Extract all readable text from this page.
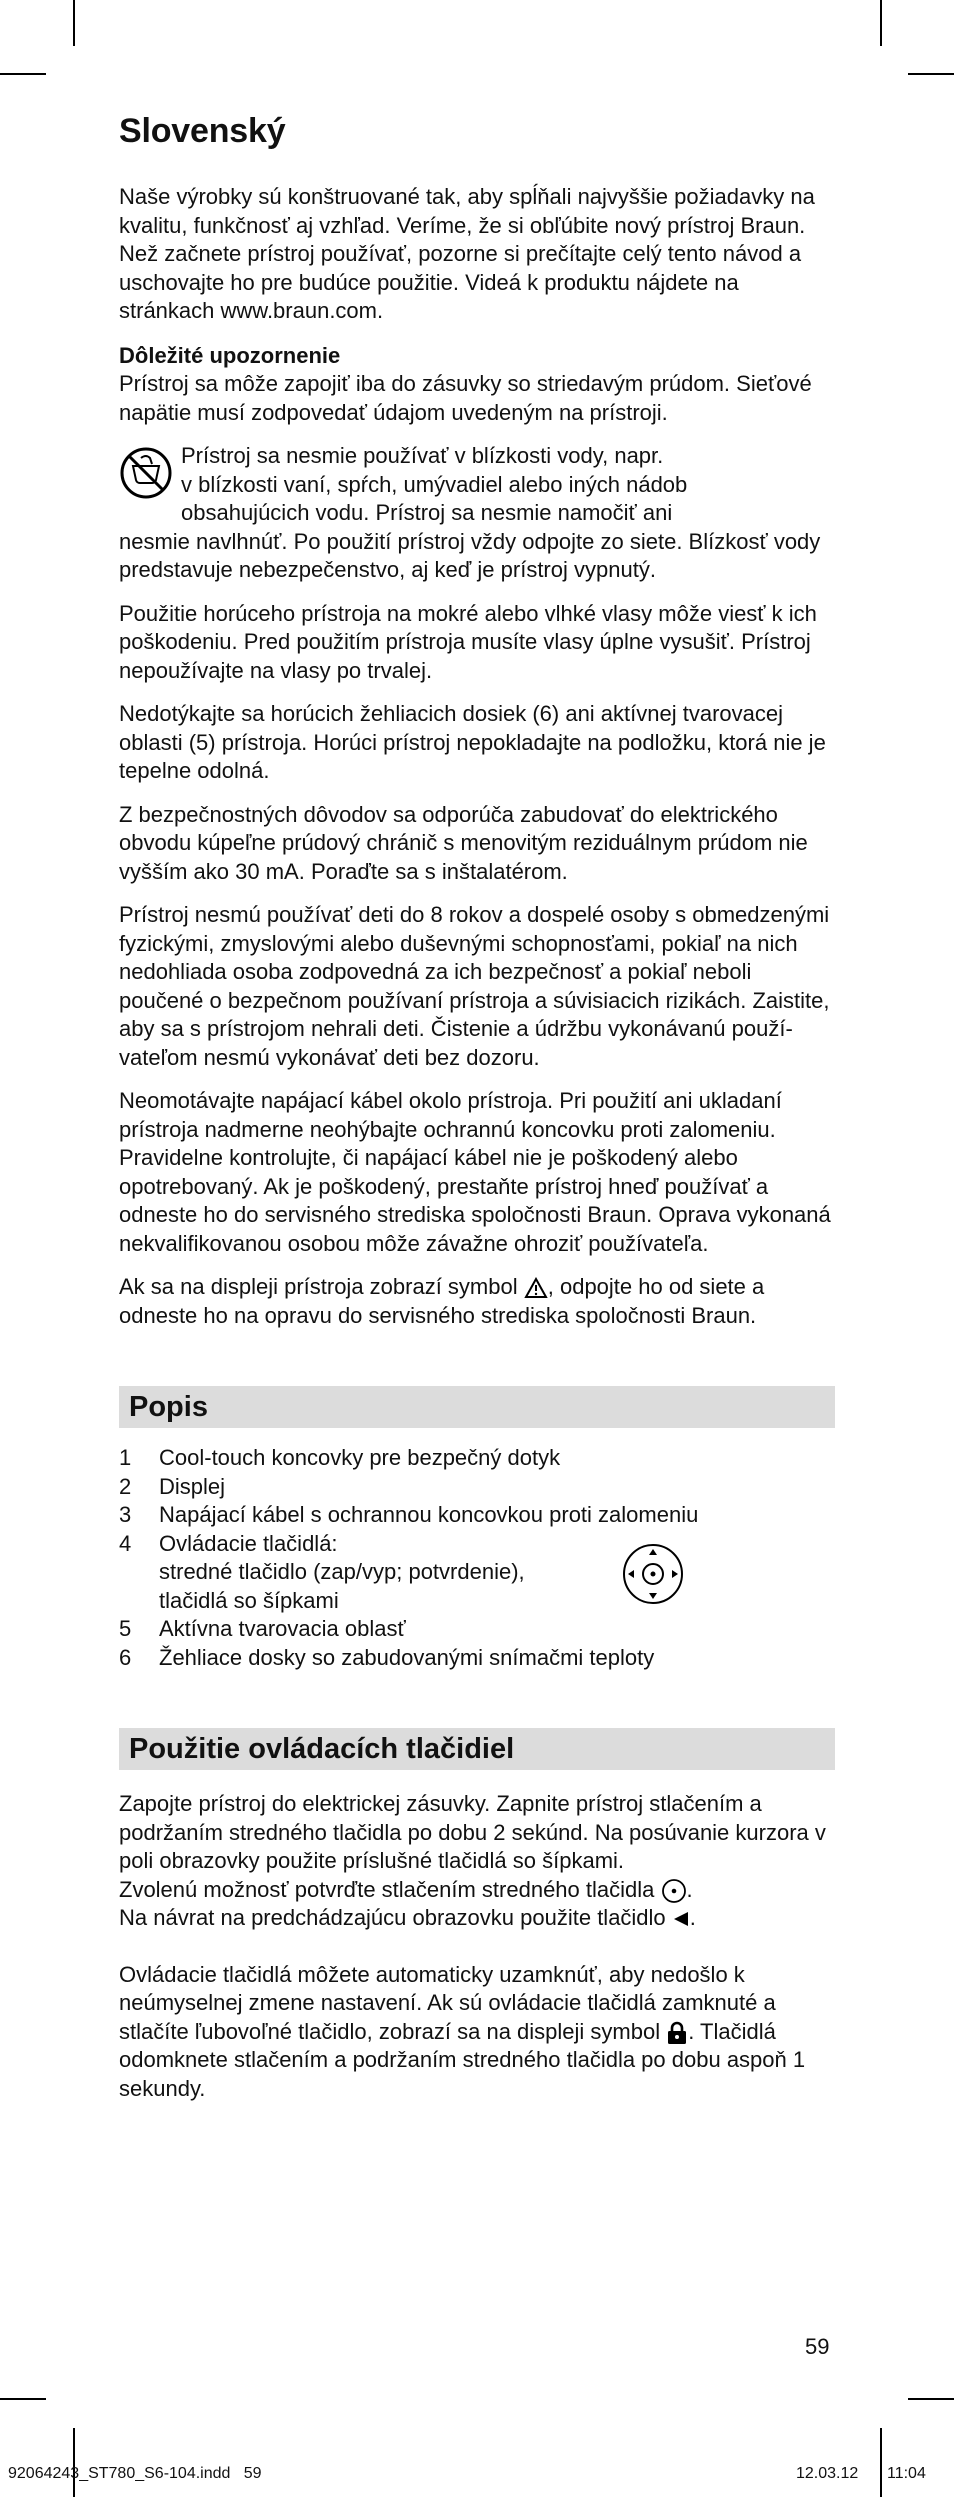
Slovenský

Naše výrobky sú konštruované tak, aby spĺňali najvyššie požiadavky na kvalitu, funkčnosť aj vzhľad. Veríme, že si obľúbite nový prístroj Braun. Než začnete prístroj používať, pozorne si prečítajte celý tento návod a uschovajte ho pre budúce použitie. Videá k produktu nájdete na stránkach www.braun.com.

Dôležité upozornenie

Prístroj sa môže zapojiť iba do zásuvky so striedavým prúdom. Sieťové napätie musí zodpovedať údajom uvedeným na prístroji.

Prístroj sa nesmie používať v blízkosti vody, napr.

v blízkosti vaní, spŕch, umývadiel alebo iných nádob

obsahujúcich vodu. Prístroj sa nesmie namočiť ani

nesmie navlhnúť. Po použití prístroj vždy odpojte zo siete. Blízkosť vody predstavuje nebezpečenstvo, aj keď je prístroj vypnutý.

Použitie horúceho prístroja na mokré alebo vlhké vlasy môže viesť k ich poškodeniu. Pred použitím prístroja musíte vlasy úplne vysušiť. Prístroj nepoužívajte na vlasy po trvalej.

Nedotýkajte sa horúcich žehliacich dosiek (6) ani aktívnej tvarovacej oblasti (5) prístroja. Horúci prístroj nepokladajte na podložku, ktorá nie je tepelne odolná.

Z bezpečnostných dôvodov sa odporúča zabudovať do elektrického obvodu kúpeľne prúdový chránič s menovitým reziduálnym prúdom nie vyšším ako 30 mA. Poraďte sa s inštalatérom.

Prístroj nesmú používať deti do 8 rokov a dospelé osoby s obmedzenými fyzickými, zmyslovými alebo duševnými schopnosťami, pokiaľ na nich nedohliada osoba zodpovedná za ich bezpečnosť a pokiaľ neboli poučené o bezpečnom používaní prístroja a súvisiacich rizikách. Zaistite, aby sa s prístrojom nehrali deti. Čistenie a údržbu vykonávanú použí-vateľom nesmú vykonávať deti bez dozoru.

Neomotávajte napájací kábel okolo prístroja. Pri použití ani ukladaní prístroja nadmerne neohýbajte ochrannú koncovku proti zalomeniu.

Pravidelne kontrolujte, či napájací kábel nie je poškodený alebo opotrebovaný. Ak je poškodený, prestaňte prístroj hneď používať a odneste ho do servisného strediska spoločnosti Braun. Oprava vykonaná nekvalifikovanou osobou môže závažne ohroziť používateľa.

Ak sa na displeji prístroja zobrazí symbol , odpojte ho od siete a odneste ho na opravu do servisného strediska spoločnosti Braun.

Popis
1	Cool-touch koncovky pre bezpečný dotyk
2	Displej
3	Napájací kábel s ochrannou koncovkou proti zalomeniu
4	Ovládacie tlačidlá:
stredné tlačidlo (zap/vyp; potvrdenie),
tlačidlá so šípkami
5	Aktívna tvarovacia oblasť
6	Žehliace dosky so zabudovanými snímačmi teploty
Použitie ovládacích tlačidiel

Zapojte prístroj do elektrickej zásuvky. Zapnite prístroj stlačením a podržaním stredného tlačidla po dobu 2 sekúnd. Na posúvanie kurzora v poli obrazovky použite príslušné tlačidlá so šípkami.

Zvolenú možnosť potvrďte stlačením stredného tlačidla .

Na návrat na predchádzajúcu obrazovku použite tlačidlo .

Ovládacie tlačidlá môžete automaticky uzamknúť, aby nedošlo k neúmyselnej zmene nastavení. Ak sú ovládacie tlačidlá zamknuté a stlačíte ľubovoľné tlačidlo, zobrazí sa na displeji symbol . Tlačidlá odomknete stlačením a podržaním stredného tlačidla po dobu aspoň 1 sekundy.

59
92064243_ST780_S6-104.indd   59	12.03.12 11:04
